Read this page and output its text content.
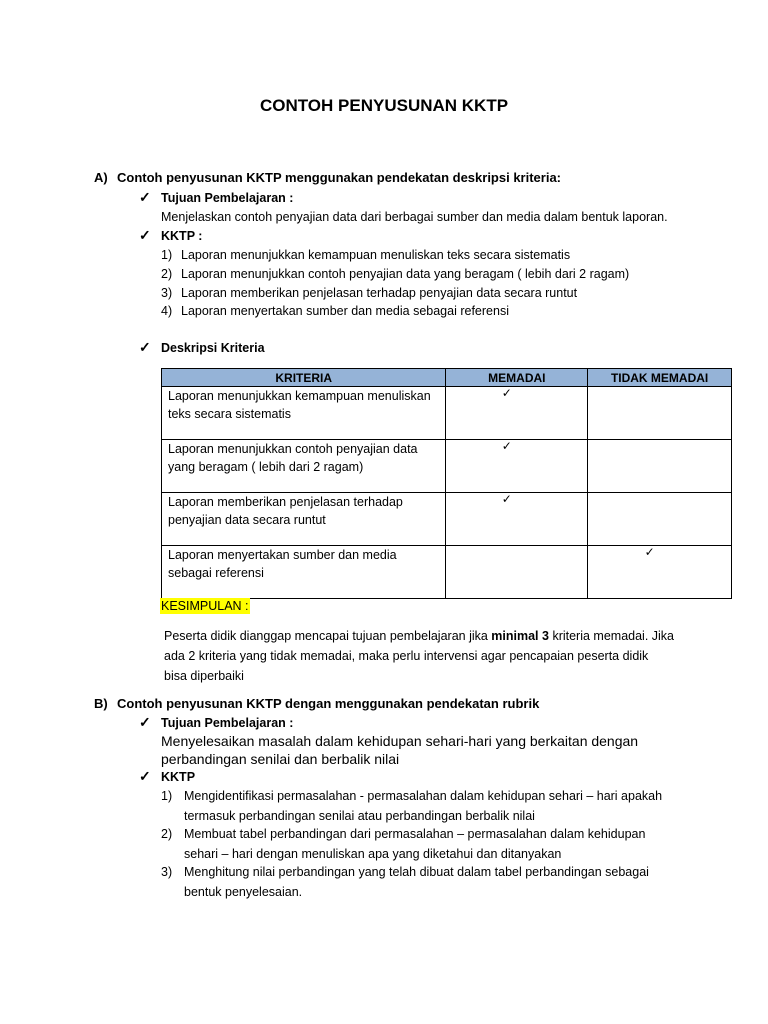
CONTOH PENYUSUNAN KKTP
A) Contoh penyusunan KKTP menggunakan pendekatan deskripsi kriteria:
✓ Tujuan Pembelajaran :
Menjelaskan contoh penyajian data dari berbagai sumber dan media dalam bentuk laporan.
✓ KKTP :
1) Laporan menunjukkan kemampuan menuliskan teks secara sistematis
2) Laporan menunjukkan contoh penyajian data yang beragam ( lebih dari 2 ragam)
3) Laporan memberikan penjelasan terhadap penyajian data secara runtut
4) Laporan menyertakan sumber dan media sebagai referensi
✓ Deskripsi Kriteria
KRITERIA	MEMADAI	TIDAK MEMADAI

Laporan menunjukkan kemampuan menuliskan
teks secara sistematis	✓	

Laporan menunjukkan contoh penyajian data
yang beragam ( lebih dari 2 ragam)	✓	

Laporan memberikan penjelasan terhadap
penyajian data secara runtut	✓	

Laporan menyertakan sumber dan media
sebagai referensi		✓
KESIMPULAN :
Peserta didik dianggap mencapai tujuan pembelajaran jika minimal 3 kriteria memadai. Jika
ada 2 kriteria yang tidak memadai, maka perlu intervensi agar pencapaian peserta didik
bisa diperbaiki
B) Contoh penyusunan KKTP dengan menggunakan pendekatan rubrik
✓ Tujuan Pembelajaran :
Menyelesaikan masalah dalam kehidupan sehari-hari yang berkaitan dengan
perbandingan senilai dan berbalik nilai
✓ KKTP
1) Mengidentifikasi permasalahan - permasalahan dalam kehidupan sehari – hari apakah
termasuk perbandingan senilai atau perbandingan berbalik nilai
2) Membuat tabel perbandingan dari permasalahan – permasalahan dalam kehidupan
sehari – hari dengan menuliskan apa yang diketahui dan ditanyakan
3) Menghitung nilai perbandingan yang telah dibuat dalam tabel perbandingan sebagai
bentuk penyelesaian.
